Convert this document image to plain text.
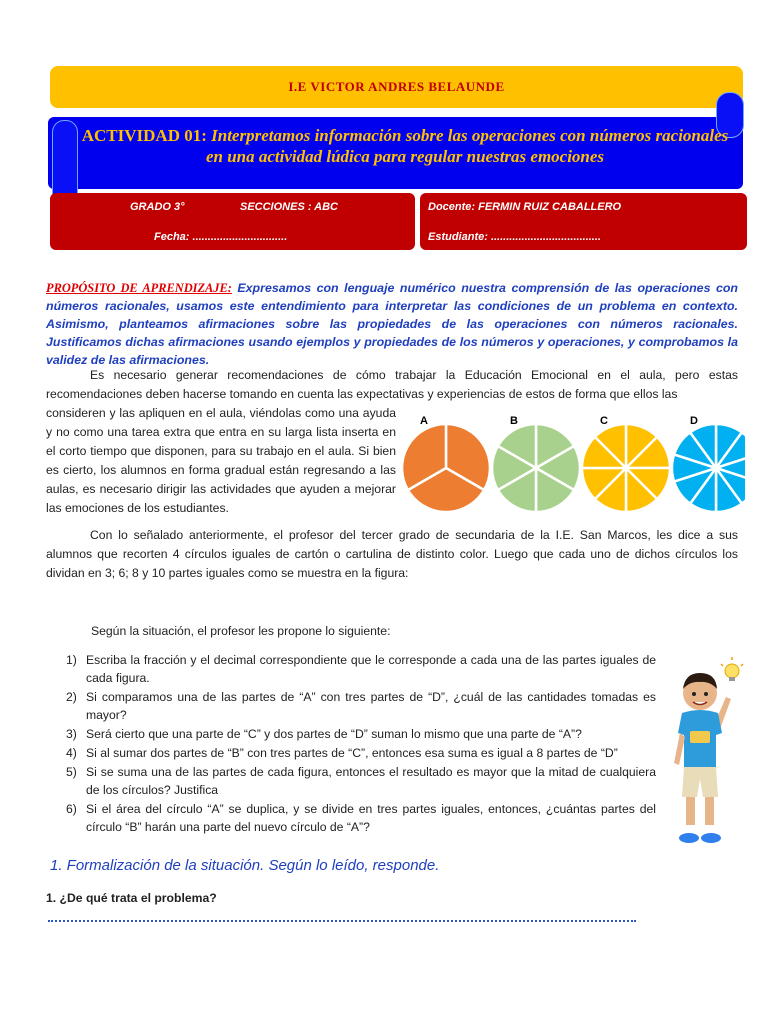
I.E VICTOR ANDRES BELAUNDE
ACTIVIDAD 01: Interpretamos información sobre las operaciones con números racionales en una actividad lúdica para regular nuestras emociones
GRADO 3°	SECCIONES : ABC
Fecha: ...............................
Docente: FERMIN RUIZ CABALLERO
Estudiante: ....................................
PROPÓSITO DE APRENDIZAJE: Expresamos con lenguaje numérico nuestra comprensión de las operaciones con números racionales, usamos este entendimiento para interpretar las condiciones de un problema en contexto. Asimismo, planteamos afirmaciones sobre las propiedades de las operaciones con números racionales. Justificamos dichas afirmaciones usando ejemplos y propiedades de los números y operaciones, y comprobamos la validez de las afirmaciones.
Es necesario generar recomendaciones de cómo trabajar la Educación Emocional en el aula, pero estas recomendaciones deben hacerse tomando en cuenta las expectativas y experiencias de estos de forma que ellos las
consideren y las apliquen en el aula, viéndolas como una ayuda y no como una tarea extra que entra en su larga lista inserta en el corto tiempo que disponen, para su trabajo en el aula. Si bien es cierto, los alumnos en forma gradual están regresando a las aulas, es necesario dirigir las actividades que ayuden a mejorar las emociones de los estudiantes.
A	B	C	D
Con lo señalado anteriormente, el profesor del tercer grado de secundaria de la I.E. San Marcos, les dice a sus alumnos que recorten 4 círculos iguales de cartón o cartulina de distinto color. Luego que cada uno de dichos círculos los dividan en 3; 6; 8 y 10 partes iguales como se muestra en la figura:
Según la situación, el profesor les propone lo siguiente:
1) Escriba la fracción y el decimal correspondiente que le corresponde a cada una de las partes iguales de cada figura.
2) Si comparamos una de las partes de “A” con tres partes de “D”, ¿cuál de las cantidades tomadas es mayor?
3) Será cierto que una parte de “C” y dos partes de “D” suman lo mismo que una parte de “A”?
4) Si al sumar dos partes de “B” con tres partes de “C”, entonces esa suma es igual a 8 partes de “D”
5) Si se suma una de las partes de cada figura, entonces el resultado es mayor que la mitad de cualquiera de los círculos? Justifica
6) Si el área del círculo “A” se duplica, y se divide en tres partes iguales, entonces, ¿cuántas partes del círculo “B” harán una parte del nuevo círculo de “A”?
1. Formalización de la situación. Según lo leído, responde.
1. ¿De qué trata el problema?
